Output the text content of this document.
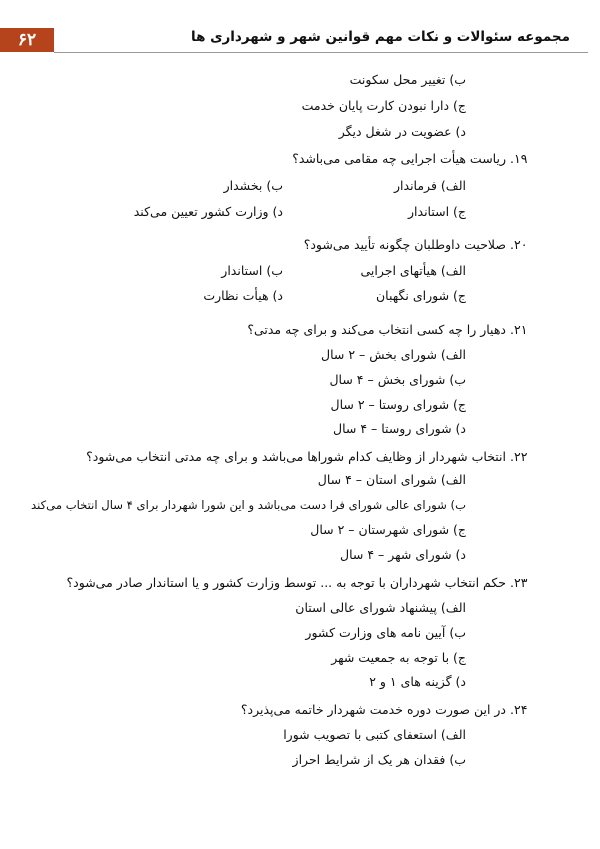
۶۲	مجموعه سئوالات و نکات مهم قوانین شهر و شهرداری ها
ب) تغییر محل سکونت
ج) دارا نبودن کارت پایان خدمت
د) عضویت در شغل دیگر
۱۹.
ریاست هیأت اجرایی چه مقامی می‌باشد؟
الف) فرماندار
ب) بخشدار
ج) استاندار
د) وزارت کشور تعیین می‌کند
۲۰.
صلاحیت داوطلبان چگونه تأیید می‌شود؟
الف) هیأتهای اجرایی
ب) استاندار
ج) شورای نگهبان
د) هیأت نظارت
۲۱.
دهیار را چه کسی انتخاب می‌کند و برای چه مدتی؟
الف) شورای بخش – ۲ سال
ب) شورای بخش – ۴ سال
ج) شورای روستا – ۲ سال
د) شورای روستا – ۴ سال
۲۲.
انتخاب شهردار از وظایف کدام شوراها می‌باشد و برای چه مدتی انتخاب می‌شود؟
الف) شورای استان – ۴ سال
ب) شورای عالی شورای فرا دست می‌باشد و این شورا شهردار برای ۴ سال انتخاب می‌کند
ج) شورای شهرستان – ۲ سال
د) شورای شهر – ۴ سال
۲۳.
حکم انتخاب شهرداران با توجه به ... توسط وزارت کشور و یا استاندار صادر می‌شود؟
الف) پیشنهاد شورای عالی استان
ب) آیین نامه های وزارت کشور
ج) با توجه به جمعیت شهر
د) گزینه های ۱ و ۲
۲۴.
در این صورت دوره خدمت شهردار خاتمه می‌پذیرد؟
الف) استعفای کتبی با تصویب شورا
ب) فقدان هر یک از شرایط احراز
